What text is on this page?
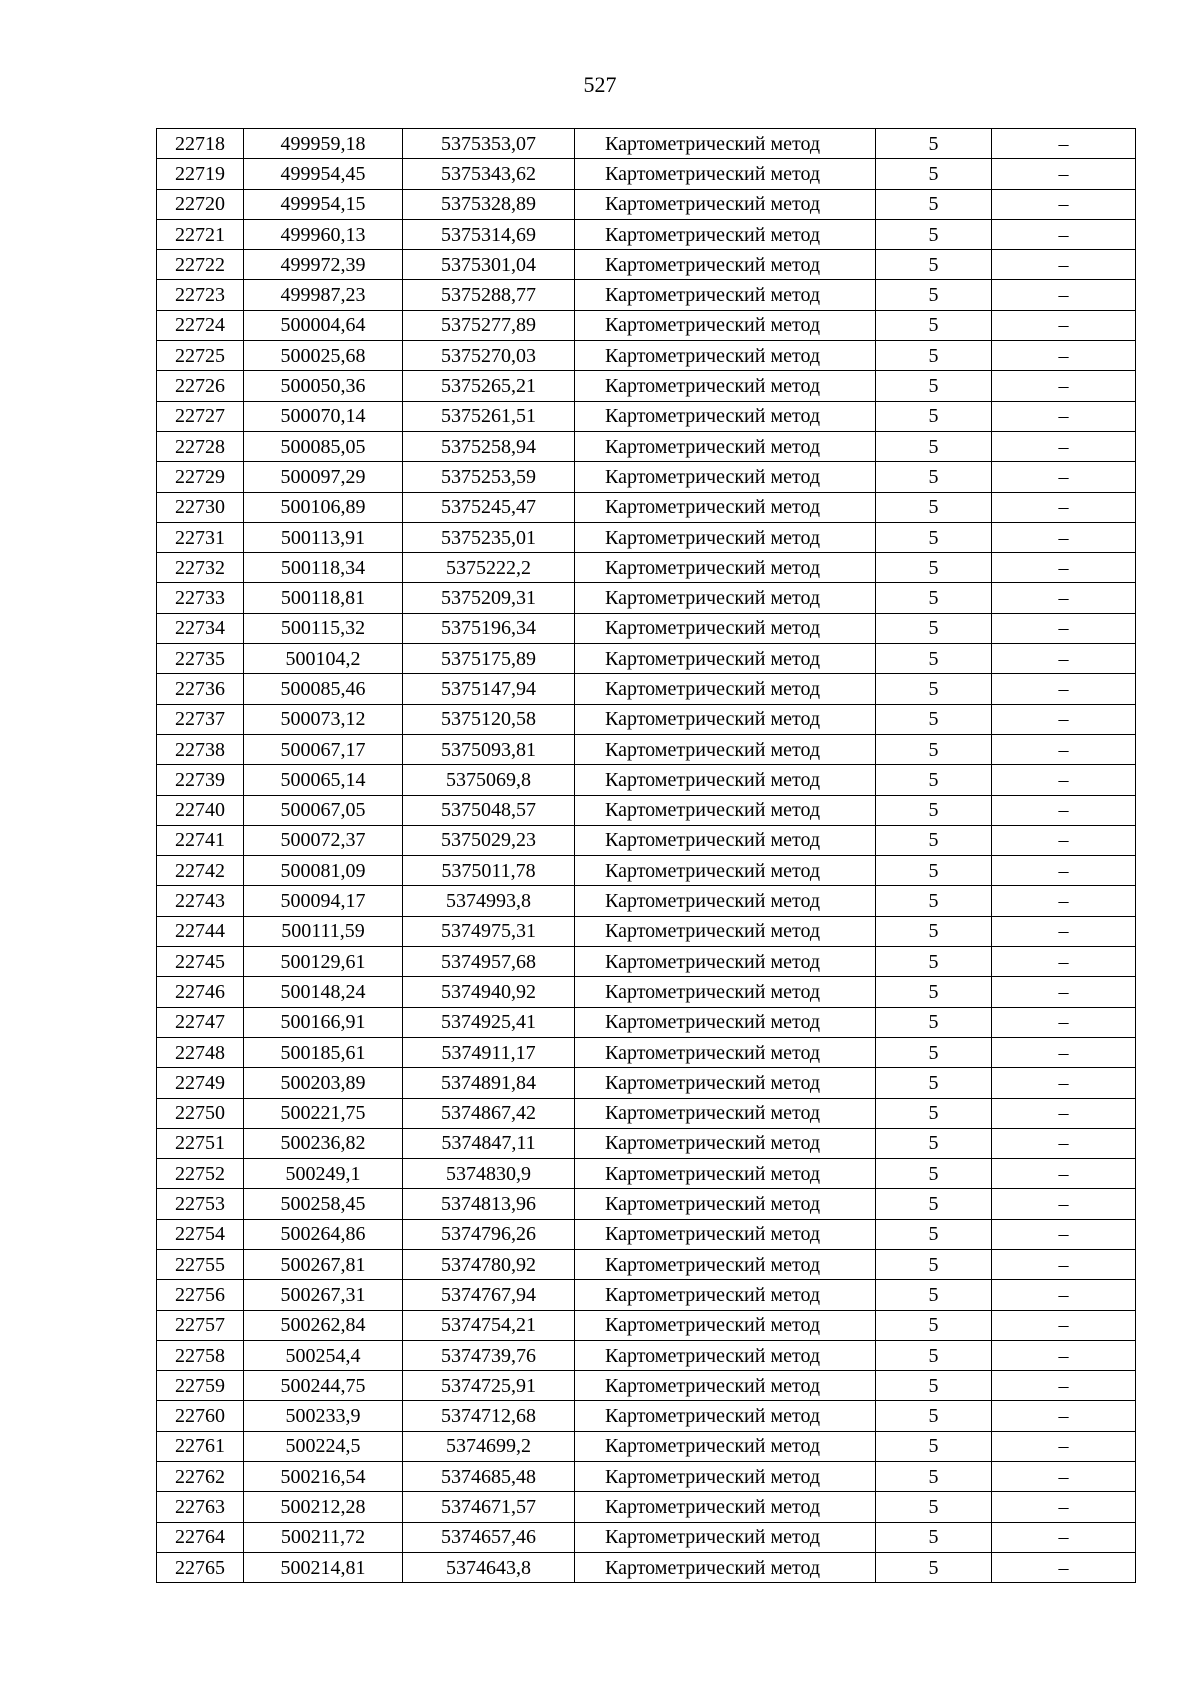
527
22718	499959,18	5375353,07	Картометрический метод	5	–
22719	499954,45	5375343,62	Картометрический метод	5	–
22720	499954,15	5375328,89	Картометрический метод	5	–
22721	499960,13	5375314,69	Картометрический метод	5	–
22722	499972,39	5375301,04	Картометрический метод	5	–
22723	499987,23	5375288,77	Картометрический метод	5	–
22724	500004,64	5375277,89	Картометрический метод	5	–
22725	500025,68	5375270,03	Картометрический метод	5	–
22726	500050,36	5375265,21	Картометрический метод	5	–
22727	500070,14	5375261,51	Картометрический метод	5	–
22728	500085,05	5375258,94	Картометрический метод	5	–
22729	500097,29	5375253,59	Картометрический метод	5	–
22730	500106,89	5375245,47	Картометрический метод	5	–
22731	500113,91	5375235,01	Картометрический метод	5	–
22732	500118,34	5375222,2	Картометрический метод	5	–
22733	500118,81	5375209,31	Картометрический метод	5	–
22734	500115,32	5375196,34	Картометрический метод	5	–
22735	500104,2	5375175,89	Картометрический метод	5	–
22736	500085,46	5375147,94	Картометрический метод	5	–
22737	500073,12	5375120,58	Картометрический метод	5	–
22738	500067,17	5375093,81	Картометрический метод	5	–
22739	500065,14	5375069,8	Картометрический метод	5	–
22740	500067,05	5375048,57	Картометрический метод	5	–
22741	500072,37	5375029,23	Картометрический метод	5	–
22742	500081,09	5375011,78	Картометрический метод	5	–
22743	500094,17	5374993,8	Картометрический метод	5	–
22744	500111,59	5374975,31	Картометрический метод	5	–
22745	500129,61	5374957,68	Картометрический метод	5	–
22746	500148,24	5374940,92	Картометрический метод	5	–
22747	500166,91	5374925,41	Картометрический метод	5	–
22748	500185,61	5374911,17	Картометрический метод	5	–
22749	500203,89	5374891,84	Картометрический метод	5	–
22750	500221,75	5374867,42	Картометрический метод	5	–
22751	500236,82	5374847,11	Картометрический метод	5	–
22752	500249,1	5374830,9	Картометрический метод	5	–
22753	500258,45	5374813,96	Картометрический метод	5	–
22754	500264,86	5374796,26	Картометрический метод	5	–
22755	500267,81	5374780,92	Картометрический метод	5	–
22756	500267,31	5374767,94	Картометрический метод	5	–
22757	500262,84	5374754,21	Картометрический метод	5	–
22758	500254,4	5374739,76	Картометрический метод	5	–
22759	500244,75	5374725,91	Картометрический метод	5	–
22760	500233,9	5374712,68	Картометрический метод	5	–
22761	500224,5	5374699,2	Картометрический метод	5	–
22762	500216,54	5374685,48	Картометрический метод	5	–
22763	500212,28	5374671,57	Картометрический метод	5	–
22764	500211,72	5374657,46	Картометрический метод	5	–
22765	500214,81	5374643,8	Картометрический метод	5	–
